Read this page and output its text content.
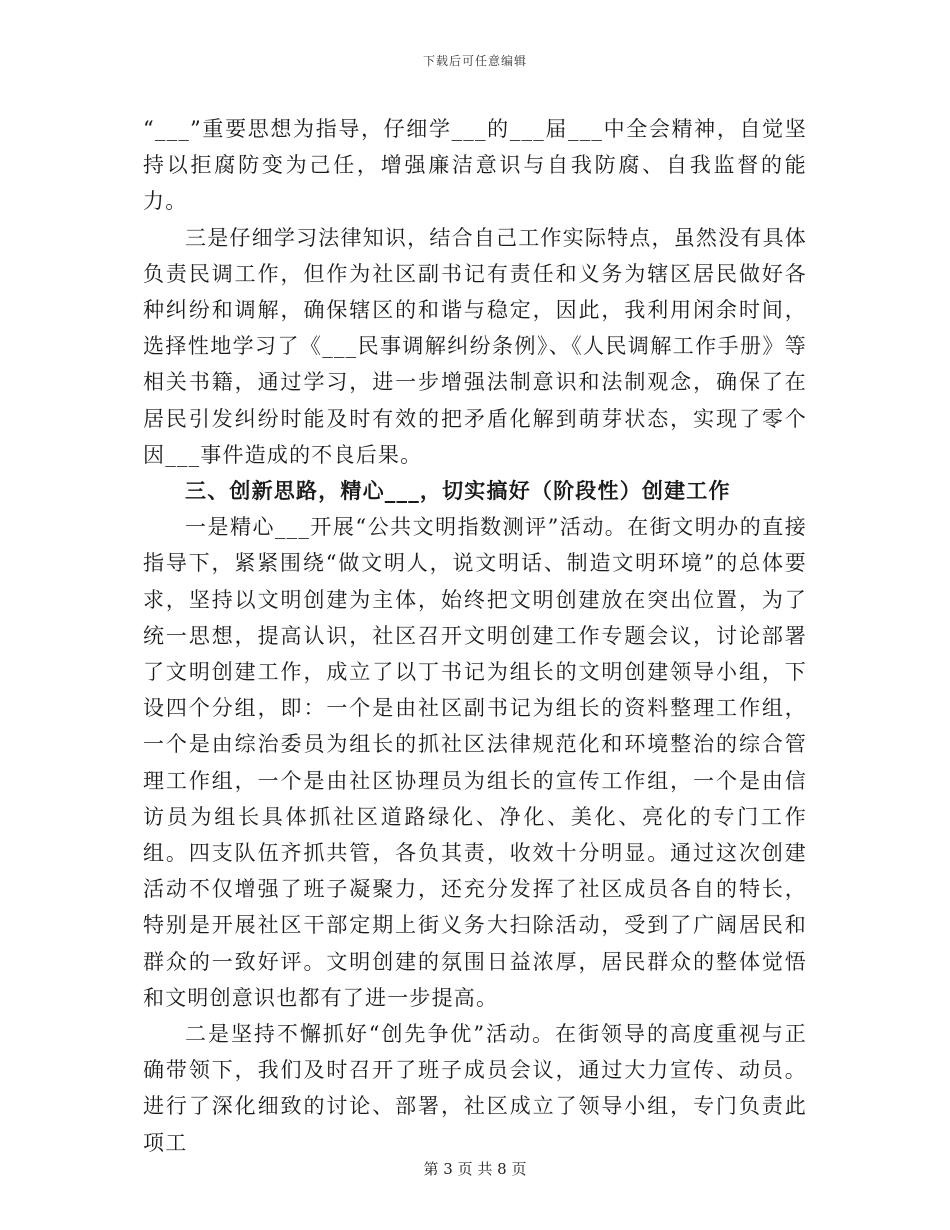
下载后可任意编辑

“___”重要思想为指导，仔细学___的___届___中全会精神，自觉坚持以拒腐防变为己任，增强廉洁意识与自我防腐、自我监督的能力。

三是仔细学习法律知识，结合自己工作实际特点，虽然没有具体负责民调工作，但作为社区副书记有责任和义务为辖区居民做好各种纠纷和调解，确保辖区的和谐与稳定，因此，我利用闲余时间，选择性地学习了《___民事调解纠纷条例》、《人民调解工作手册》等相关书籍，通过学习，进一步增强法制意识和法制观念，确保了在居民引发纠纷时能及时有效的把矛盾化解到萌芽状态，实现了零个因___事件造成的不良后果。

三、创新思路，精心___，切实搞好（阶段性）创建工作

一是精心___开展“公共文明指数测评”活动。在街文明办的直接指导下，紧紧围绕“做文明人，说文明话、制造文明环境”的总体要求，坚持以文明创建为主体，始终把文明创建放在突出位置，为了统一思想，提高认识，社区召开文明创建工作专题会议，讨论部署了文明创建工作，成立了以丁书记为组长的文明创建领导小组，下设四个分组，即：一个是由社区副书记为组长的资料整理工作组，一个是由综治委员为组长的抓社区法律规范化和环境整治的综合管理工作组，一个是由社区协理员为组长的宣传工作组，一个是由信访员为组长具体抓社区道路绿化、净化、美化、亮化的专门工作组。四支队伍齐抓共管，各负其责，收效十分明显。通过这次创建活动不仅增强了班子凝聚力，还充分发挥了社区成员各自的特长，特别是开展社区干部定期上街义务大扫除活动，受到了广阔居民和群众的一致好评。文明创建的氛围日益浓厚，居民群众的整体觉悟和文明创意识也都有了进一步提高。

二是坚持不懈抓好“创先争优”活动。在街领导的高度重视与正确带领下，我们及时召开了班子成员会议，通过大力宣传、动员。进行了深化细致的讨论、部署，社区成立了领导小组，专门负责此项工

第 3 页 共 8 页
